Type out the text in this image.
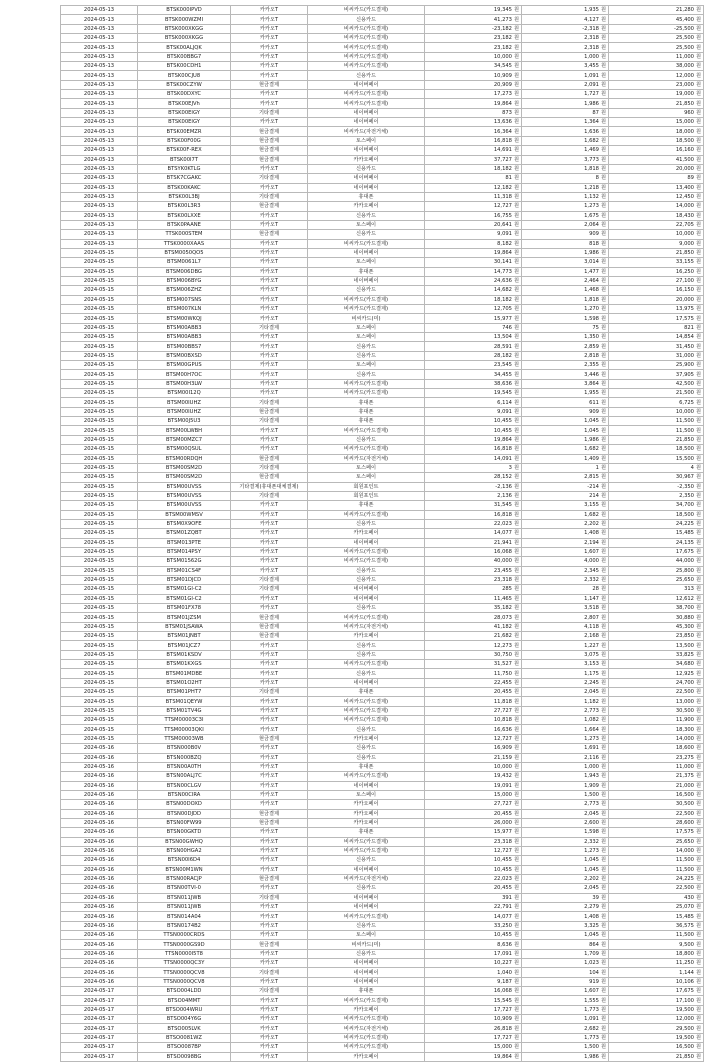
2024-05-13	BTSK000IPVD	카카오T	비씨카드(카드결제)	19,345 원	1,935 원	21,280 원
2024-05-13	BTSK000WZMI	카카오T	신용카드	41,273 원	4,127 원	45,400 원
2024-05-13	BTSK000XKGG	카카오T	비씨카드(카드결제)	-23,182 원	-2,318 원	-25,500 원
2024-05-13	BTSK000XKGG	카카오T	비씨카드(카드결제)	23,182 원	2,318 원	25,500 원
2024-05-13	BTSK00ALJQK	카카오T	비씨카드(카드결제)	23,182 원	2,318 원	25,500 원
2024-05-13	BTSK00BBG7	카카오T	비씨카드(카드결제)	10,000 원	1,000 원	11,000 원
2024-05-13	BTSK00CDH1	카카오T	비씨카드(카드결제)	34,545 원	3,455 원	38,000 원
2024-05-13	BTSK00CJU8	카카오T	신용카드	10,909 원	1,091 원	12,000 원
2024-05-13	BTSK00CZYW	현금결제	네이버페이	20,909 원	2,091 원	23,000 원
2024-05-13	BTSK00DXYC	카카오T	비씨카드(카드결제)	17,273 원	1,727 원	19,000 원
2024-05-13	BTSK00EJVh	카카오T	비씨카드(카드결제)	19,864 원	1,986 원	21,850 원
2024-05-13	BTSK00EIGY	기타결제	네이버페이	873 원	87 원	960 원
2024-05-13	BTSK00EIGY	카카오T	네이버페이	13,636 원	1,364 원	15,000 원
2024-05-13	BTSK00EMZR	현금결제	비씨카드(자전거체)	16,364 원	1,636 원	18,000 원
2024-05-13	BTSK00F00G	현금결제	토스페이	16,818 원	1,682 원	18,500 원
2024-05-13	BTSK00F-REX	현금결제	네이버페이	14,691 원	1,469 원	16,160 원
2024-05-13	BTSK00I7T	현금결제	카카오페이	37,727 원	3,773 원	41,500 원
2024-05-13	BTSYK0KTLG	카카오T	신용카드	18,182 원	1,818 원	20,000 원
2024-05-13	BTSK7CGAKC	기타결제	네이버페이	81 원	8 원	89 원
2024-05-13	BTSK00KAKC	카카오T	네이버페이	12,182 원	1,218 원	13,400 원
2024-05-13	BTSK00L3BJ	기타결제	휴대폰	11,318 원	1,132 원	12,450 원
2024-05-13	BTSK00L3R3	현금결제	카카오페이	12,727 원	1,273 원	14,000 원
2024-05-13	BTSK00LXXE	카카오T	신용카드	16,755 원	1,675 원	18,430 원
2024-05-13	BTSK0PAANE	카카오T	토스페이	20,641 원	2,064 원	22,705 원
2024-05-13	TTSK000STEM	현금결제	신용카드	9,091 원	909 원	10,000 원
2024-05-13	TTSK0000XAAS	카카오T	비씨카드(카드결제)	8,182 원	818 원	9,000 원
2024-05-15	BTSM0050QO5	카카오T	네이버페이	19,864 원	1,986 원	21,850 원
2024-05-15	BTSM0061L7	카카오T	토스페이	30,141 원	3,014 원	33,155 원
2024-05-15	BTSM006DBG	카카오T	휴대폰	14,773 원	1,477 원	16,250 원
2024-05-15	BTSM006BYG	카카오T	네이버페이	24,636 원	2,464 원	27,100 원
2024-05-15	BTSM006ZHZ	카카오T	신용카드	14,682 원	1,468 원	16,150 원
2024-05-15	BTSM007SNS	카카오T	비씨카드(카드결제)	18,182 원	1,818 원	20,000 원
2024-05-15	BTSM007KLN	카카오T	비씨카드(카드결제)	12,705 원	1,270 원	13,975 원
2024-05-15	BTSM00WKQJ	카카오T	비씨카드(미)	15,977 원	1,598 원	17,575 원
2024-05-15	BTSM00ABB3	기타결제	토스페이	746 원	75 원	821 원
2024-05-15	BTSM00ABB3	카카오T	토스페이	13,504 원	1,350 원	14,854 원
2024-05-15	BTSM00BBS7	카카오T	신용카드	28,591 원	2,859 원	31,450 원
2024-05-15	BTSM00BXSD	카카오T	신용카드	28,182 원	2,818 원	31,000 원
2024-05-15	BTSM00GPUS	카카오T	토스페이	23,545 원	2,355 원	25,900 원
2024-05-15	BTSM00H7OC	카카오T	신용카드	34,455 원	3,446 원	37,905 원
2024-05-15	BTSM00H3LW	카카오T	비씨카드(카드결제)	38,636 원	3,864 원	42,500 원
2024-05-15	BTSM00I12Q	카카오T	비씨카드(카드결제)	19,545 원	1,955 원	21,500 원
2024-05-15	BTSM00IUHZ	기타결제	휴대폰	6,114 원	611 원	6,725 원
2024-05-15	BTSM00IUHZ	현금결제	휴대폰	9,091 원	909 원	10,000 원
2024-05-15	BTSM00J5U3	기타결제	휴대폰	10,455 원	1,045 원	11,500 원
2024-05-15	BTSM00LWBH	카카오T	비씨카드(카드결제)	10,455 원	1,045 원	11,500 원
2024-05-15	BTSM00MZC7	카카오T	신용카드	19,864 원	1,986 원	21,850 원
2024-05-15	BTSM00QSUL	카카오T	비씨카드(카드결제)	16,818 원	1,682 원	18,500 원
2024-05-15	BTSM00RDQH	현금결제	비씨카드(자전거체)	14,091 원	1,409 원	15,500 원
2024-05-15	BTSM00SM2D	기타결제	토스페이	3 원	1 원	4 원
2024-05-15	BTSM00SM2D	현금결제	토스페이	28,152 원	2,815 원	30,967 원
2024-05-15	BTSM00UVSS	기타결제(휴대폰대체결제)	회원포인트	-2,136 원	-214 원	-2,350 원
2024-05-15	BTSM00UVSS	기타결제	회원포인트	2,136 원	214 원	2,350 원
2024-05-15	BTSM00UVSS	카카오T	휴대폰	31,545 원	3,155 원	34,700 원
2024-05-15	BTSM00WMSV	카카오T	비씨카드(카드결제)	16,818 원	1,682 원	18,500 원
2024-05-15	BTSM0X9OFE	카카오T	신용카드	22,023 원	2,202 원	24,225 원
2024-05-15	BTSM01ZQBT	카카오T	카카오페이	14,077 원	1,408 원	15,485 원
2024-05-15	BTSM013PTE	카카오T	네이버페이	21,941 원	2,194 원	24,135 원
2024-05-15	BTSM014PSY	카카오T	비씨카드(카드결제)	16,068 원	1,607 원	17,675 원
2024-05-15	BTSM01562G	카카오T	비씨카드(카드결제)	40,000 원	4,000 원	44,000 원
2024-05-15	BTSM01CS4F	카카오T	신용카드	23,455 원	2,345 원	25,800 원
2024-05-15	BTSM01DJCD	기타결제	신용카드	23,318 원	2,332 원	25,650 원
2024-05-15	BTSM01GI-C2	기타결제	네이버페이	285 원	28 원	313 원
2024-05-15	BTSM01GI-C2	카카오T	네이버페이	11,465 원	1,147 원	12,612 원
2024-05-15	BTSM01FX78	카카오T	신용카드	35,182 원	3,518 원	38,700 원
2024-05-15	BTSM01JZSM	현금결제	비씨카드(카드결제)	28,073 원	2,807 원	30,880 원
2024-05-15	BTSM01JSAWA	현금결제	비씨카드(자전거체)	41,182 원	4,118 원	45,300 원
2024-05-15	BTSM01JNBT	현금결제	카카오페이	21,682 원	2,168 원	23,850 원
2024-05-15	BTSM01JCZ7	카카오T	신용카드	12,273 원	1,227 원	13,500 원
2024-05-15	BTSM01KSDV	카카오T	신용카드	30,750 원	3,075 원	33,825 원
2024-05-15	BTSM01KXGS	카카오T	비씨카드(카드결제)	31,527 원	3,153 원	34,680 원
2024-05-15	BTSM01MDBE	카카오T	신용카드	11,750 원	1,175 원	12,925 원
2024-05-15	BTSM01O2HT	카카오T	네이버페이	22,455 원	2,245 원	24,700 원
2024-05-15	BTSM01PHT7	기타결제	휴대폰	20,455 원	2,045 원	22,500 원
2024-05-15	BTSM01QEYW	카카오T	비씨카드(카드결제)	11,818 원	1,182 원	13,000 원
2024-05-15	BTSM01TV4G	카카오T	비씨카드(카드결제)	27,727 원	2,773 원	30,500 원
2024-05-15	TTSM00003C3I	카카오T	비씨카드(카드결제)	10,818 원	1,082 원	11,900 원
2024-05-15	TTSM00003QKI	카카오T	신용카드	16,636 원	1,664 원	18,300 원
2024-05-15	TTSM00003WB	현금결제	카카오페이	12,727 원	1,273 원	14,000 원
2024-05-16	BTSN000B0V	카카오T	신용카드	16,909 원	1,691 원	18,600 원
2024-05-16	BTSN000BZQ	카카오T	신용카드	21,159 원	2,116 원	23,275 원
2024-05-16	BTSN00A0TH	카카오T	휴대폰	10,000 원	1,000 원	11,000 원
2024-05-16	BTSN00ALJ7C	카카오T	비씨카드(카드결제)	19,432 원	1,943 원	21,375 원
2024-05-16	BTSN00CLGV	카카오T	네이버페이	19,091 원	1,909 원	21,000 원
2024-05-16	BTSN00CIRA	카카오T	토스페이	15,000 원	1,500 원	16,500 원
2024-05-16	BTSN00DOXD	카카오T	카카오페이	27,727 원	2,773 원	30,500 원
2024-05-16	BTSN00DJDD	현금결제	카카오페이	20,455 원	2,045 원	22,500 원
2024-05-16	BTSN00FW99	현금결제	카카오페이	26,000 원	2,600 원	28,600 원
2024-05-16	BTSN00GKTD	카카오T	휴대폰	15,977 원	1,598 원	17,575 원
2024-05-16	BTSN00GWHQ	카카오T	비씨카드(카드결제)	23,318 원	2,332 원	25,650 원
2024-05-16	BTSN00HGA2	카카오T	비씨카드(카드결제)	12,727 원	1,273 원	14,000 원
2024-05-16	BTSN00I6D4	카카오T	신용카드	10,455 원	1,045 원	11,500 원
2024-05-16	BTSN00M1WN	카카오T	네이버페이	10,455 원	1,045 원	11,500 원
2024-05-16	BTSN00RACJP	현금결제	비씨카드(자전거체)	22,023 원	2,202 원	24,225 원
2024-05-16	BTSN00TVI-0	카카오T	신용카드	20,455 원	2,045 원	22,500 원
2024-05-16	BTSN011JWB	기타결제	네이버페이	391 원	39 원	430 원
2024-05-16	BTSN011JWB	카카오T	네이버페이	22,791 원	2,279 원	25,070 원
2024-05-16	BTSN014A04	카카오T	비씨카드(카드결제)	14,077 원	1,408 원	15,485 원
2024-05-16	BTSN0174B2	카카오T	신용카드	33,250 원	3,325 원	36,575 원
2024-05-16	TTSN0000CRDS	카카오T	토스페이	10,455 원	1,045 원	11,500 원
2024-05-16	TTSN0000GS9D	현금결제	비씨카드(미)	8,636 원	864 원	9,500 원
2024-05-16	TTSN0000I5T8	카카오T	신용카드	17,091 원	1,709 원	18,800 원
2024-05-16	TTSN0000QC3Y	카카오T	네이버페이	10,227 원	1,023 원	11,250 원
2024-05-16	TTSN0000QCV8	기타결제	네이버페이	1,040 원	104 원	1,144 원
2024-05-16	TTSN0000QCV8	카카오T	네이버페이	9,187 원	919 원	10,106 원
2024-05-17	BTSO004LDD	기타결제	휴대폰	16,068 원	1,607 원	17,675 원
2024-05-17	BTSO04MMT	카카오T	비씨카드(카드결제)	15,545 원	1,555 원	17,100 원
2024-05-17	BTSO004WRU	카카오T	카카오페이	17,727 원	1,773 원	19,500 원
2024-05-17	BTSO004Y6G	카카오T	비씨카드(카드결제)	10,909 원	1,091 원	12,000 원
2024-05-17	BTSO005LVK	카카오T	비씨카드(자전거체)	26,818 원	2,682 원	29,500 원
2024-05-17	BTSO0081WZ	카카오T	비씨카드(카드결제)	17,727 원	1,773 원	19,500 원
2024-05-17	BTSO0087BP	카카오T	비씨카드(카드결제)	15,000 원	1,500 원	16,500 원
2024-05-17	BTSO0098BG	카카오T	카카오페이	19,864 원	1,986 원	21,850 원
